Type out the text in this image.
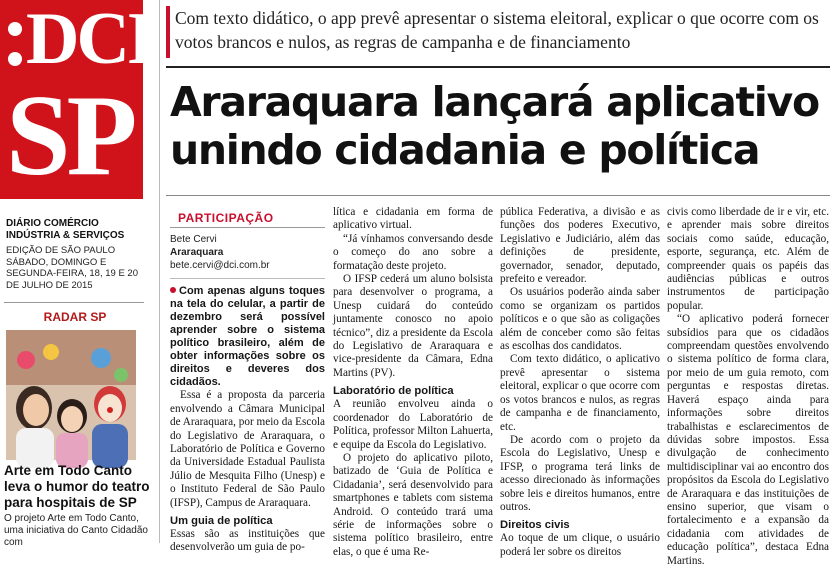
DCI
SP
DIÁRIO COMÉRCIO INDÚSTRIA & SERVIÇOS
EDIÇÃO DE SÃO PAULO SÁBADO, DOMINGO E SEGUNDA-FEIRA, 18, 19 E 20 DE JULHO DE 2015
RADAR SP
Arte em Todo Canto leva o humor do teatro para hospitais de SP
O projeto Arte em Todo Canto, uma iniciativa do Canto Cidadão com
Com texto didático, o app prevê apresentar o sistema eleitoral, explicar o que ocorre com os votos brancos e nulos, as regras de campanha e de financiamento
Araraquara lançará aplicativo
unindo cidadania e política
PARTICIPAÇÃO
Bete Cervi
Araraquara
bete.cervi@dci.com.br

Com apenas alguns toques na tela do celular, a partir de dezembro será possível aprender sobre o sistema político brasileiro, além de obter informações sobre os direitos e deveres dos cidadãos.

Essa é a proposta da parceria envolvendo a Câmara Municipal de Araraquara, por meio da Escola do Legislativo de Araraquara, o Laboratório de Política e Governo da Universidade Estadual Paulista Júlio de Mesquita Filho (Unesp) e o Instituto Federal de São Paulo (IFSP), Campus de Araraquara.

Um guia de política

Essas são as instituições que desenvolverão um guia de po-

lítica e cidadania em forma de aplicativo virtual.

“Já vínhamos conversando desde o começo do ano sobre a formatação deste projeto.

O IFSP cederá um aluno bolsista para desenvolver o programa, a Unesp cuidará do conteúdo juntamente conosco no apoio técnico”, diz a presidente da Escola do Legislativo de Araraquara e vice-presidente da Câmara, Edna Martins (PV).

Laboratório de política

A reunião envolveu ainda o coordenador do Laboratório de Política, professor Milton Lahuerta, e equipe da Escola do Legislativo.

O projeto do aplicativo piloto, batizado de ‘Guia de Política e Cidadania’, será desenvolvido para smartphones e tablets com sistema Android. O conteúdo trará uma série de informações sobre o sistema político brasileiro, entre elas, o que é uma Re-

pública Federativa, a divisão e as funções dos poderes Executivo, Legislativo e Judiciário, além das definições de presidente, governador, senador, deputado, prefeito e vereador.

Os usuários poderão ainda saber como se organizam os partidos políticos e o que são as coligações além de conceber como são feitas as escolhas dos candidatos.

Com texto didático, o aplicativo prevê apresentar o sistema eleitoral, explicar o que ocorre com os votos brancos e nulos, as regras de campanha e de financiamento, etc.

De acordo com o projeto da Escola do Legislativo, Unesp e IFSP, o programa terá links de acesso direcionado às informações sobre leis e direitos humanos, entre outros.

Direitos civis

Ao toque de um clique, o usuário poderá ler sobre os direitos

civis como liberdade de ir e vir, etc. e aprender mais sobre direitos sociais como saúde, educação, esporte, segurança, etc. Além de compreender quais os papéis das audiências públicas e outros instrumentos de participação popular.

“O aplicativo poderá fornecer subsídios para que os cidadãos compreendam questões envolvendo o sistema político de forma clara, por meio de um guia remoto, com perguntas e respostas diretas. Haverá espaço ainda para informações sobre direitos trabalhistas e esclarecimentos de dúvidas sobre impostos. Essa divulgação de conhecimento multidisciplinar vai ao encontro dos propósitos da Escola do Legislativo de Araraquara e das instituições de ensino superior, que visam o fortalecimento e a expansão da cidadania com atividades de educação política”, destaca Edna Martins.
